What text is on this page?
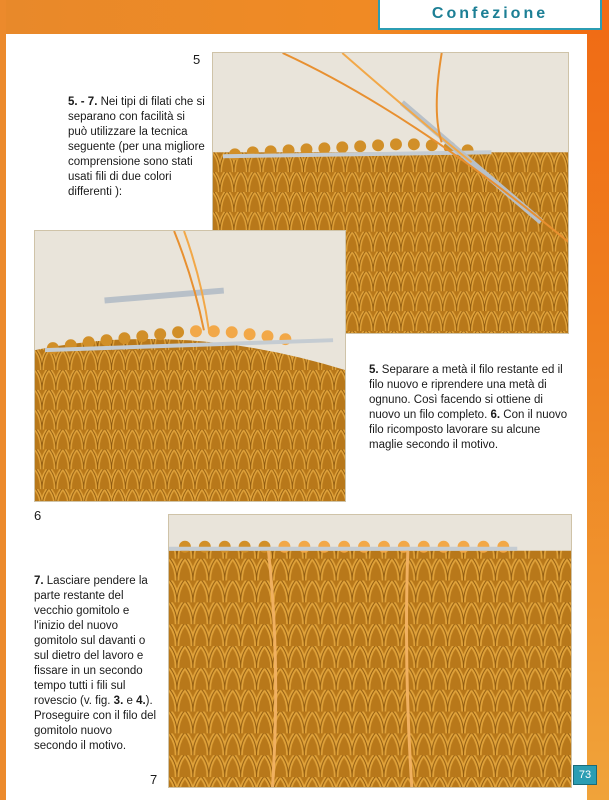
Confezione
5
5. - 7. Nei tipi di filati che si separano con facilità si può utilizzare la tecnica seguente (per una migliore comprensione sono stati usati fili di due colori differenti ):
6
5. Separare a metà il filo restante ed il filo nuovo e riprendere una metà di ognuno. Così facendo si ottiene di nuovo un filo completo. 6. Con il nuovo filo ricomposto lavorare su alcune maglie secondo il motivo.
7
7. Lasciare pendere la parte restante del vecchio gomitolo e l'inizio del nuovo gomitolo sul davanti o sul dietro del lavoro e fissare in un secondo tempo tutti i fili sul rovescio (v. fig. 3. e 4.). Proseguire con il filo del gomitolo nuovo secondo il motivo.
73
